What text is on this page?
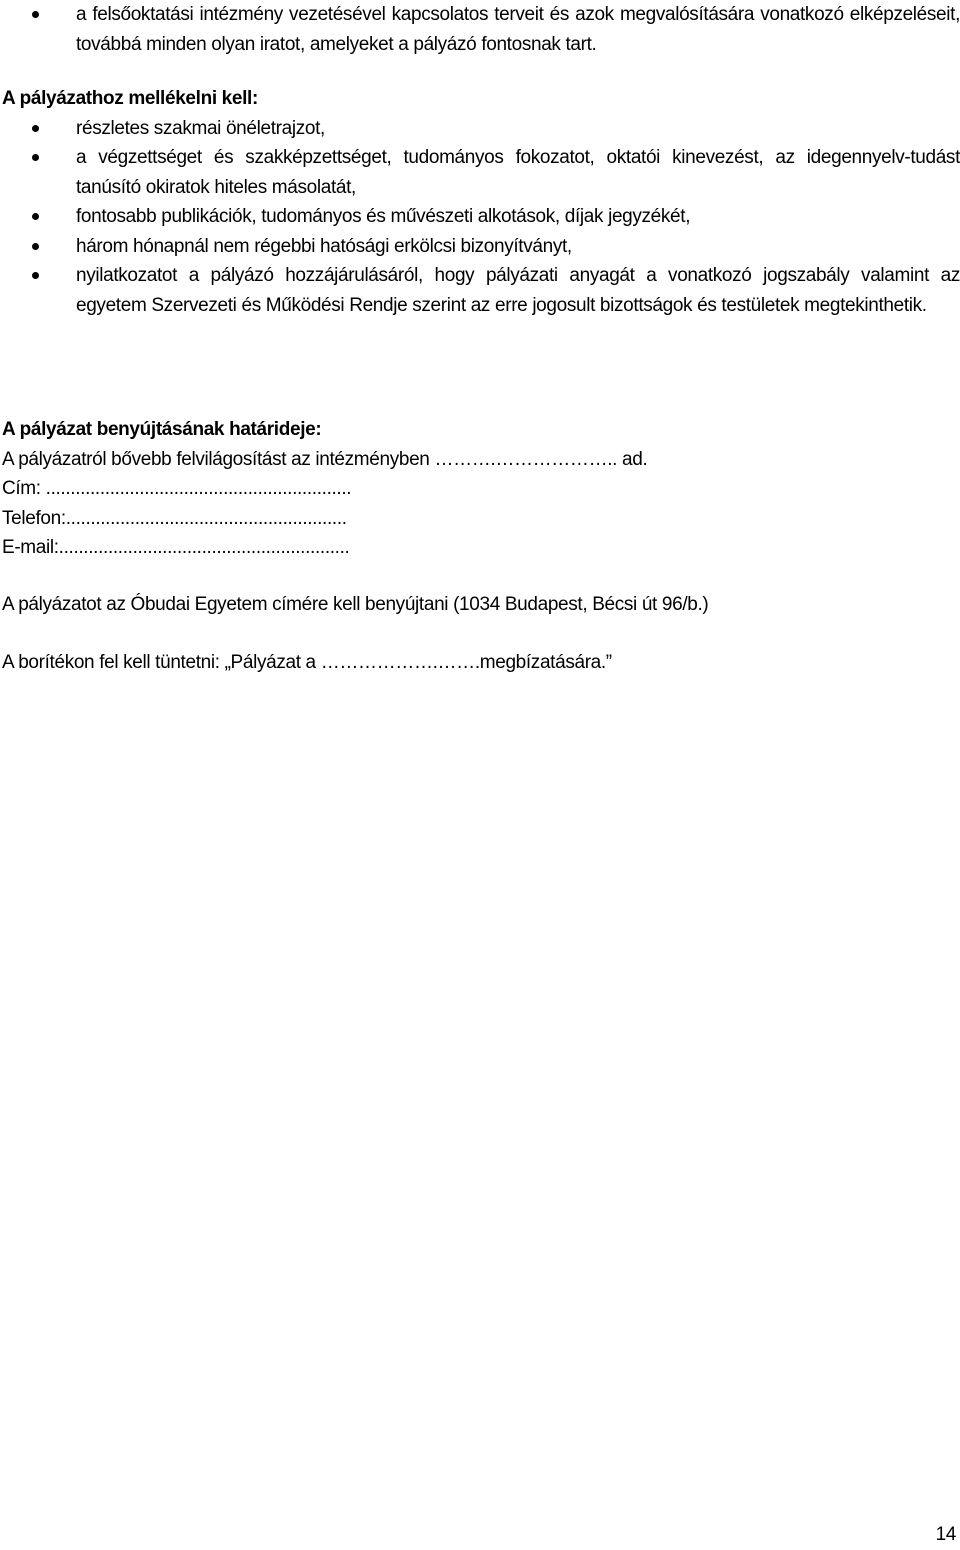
a felsőoktatási intézmény vezetésével kapcsolatos terveit és azok megvalósítására vonatkozó elképzeléseit, továbbá minden olyan iratot, amelyeket a pályázó fontosnak tart.

A pályázathoz mellékelni kell:

részletes szakmai önéletrajzot,
a végzettséget és szakképzettséget, tudományos fokozatot, oktatói kinevezést, az idegennyelv-tudást tanúsító okiratok hiteles másolatát,
fontosabb publikációk, tudományos és művészeti alkotások, díjak jegyzékét,
három hónapnál nem régebbi hatósági erkölcsi bizonyítványt,
nyilatkozatot a pályázó hozzájárulásáról, hogy pályázati anyagát a vonatkozó jogszabály valamint az egyetem Szervezeti és Működési Rendje szerint az erre jogosult bizottságok és testületek megtekinthetik.

A pályázat benyújtásának határideje:

A pályázatról bővebb felvilágosítást az intézményben ……….……………….. ad.

Cím: ..............................................................

Telefon:.........................................................

E-mail:...........................................................

A pályázatot az Óbudai Egyetem címére kell benyújtani (1034 Budapest, Bécsi út 96/b.)

A borítékon fel kell tüntetni: „Pályázat a ……………….…….megbízatására.”

14
